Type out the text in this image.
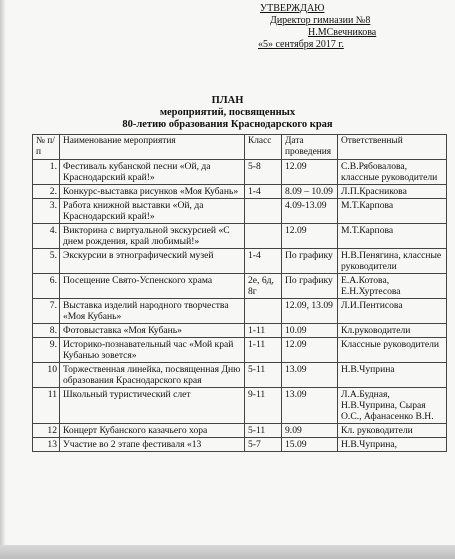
УТВЕРЖДАЮ
Директор гимназии №8
Н.МСвечникова
«5» сентября 2017 г.
ПЛАН
мероприятий, посвященных
80-летию образования Краснодарского края
№ п/п	Наименование мероприятия	Класс	Дата проведения	Ответственный
1.	Фестиваль кубанской песни «Ой, да Краснодарский край!»	5-8	12.09	С.В.Рябовалова, классные руководители
2.	Конкурс-выставка рисунков «Моя Кубань»	1-4	8.09 – 10.09	Л.П.Красникова
3.	Работа книжной выставки «Ой, да Краснодарский край!»		4.09-13.09	М.Т.Карпова
4.	Викторина с виртуальной экскурсией «С днем рождения, край любимый!»		12.09	М.Т.Карпова
5.	Экскурсии в этнографический музей	1-4	По графику	Н.В.Пенягина, классные руководители
6.	Посещение Свято-Успенского храма	2е, 6д, 8г	По графику	Е.А.Котова, Е.Н.Хуртесова
7.	Выставка изделий народного творчества «Моя Кубань»		12.09, 13.09	Л.И.Пентисова
8.	Фотовыставка «Моя Кубань»	1-11	10.09	Кл.руководители
9.	Историко-познавательный час «Мой край Кубанью зовется»	1-11	12.09	Классные руководители
10	Торжественная линейка, посвященная Дню образования Краснодарского края	5-11	13.09	Н.В.Чуприна
11	Школьный туристический слет	9-11	13.09	Л.А.Будная, Н.В.Чуприна, Сырая О.С., Афанасенко В.Н.
12	Концерт Кубанского казачьего хора	5-11	9.09	Кл. руководители
13	Участие во 2 этапе фестиваля «13	5-7	15.09	Н.В.Чуприна,
